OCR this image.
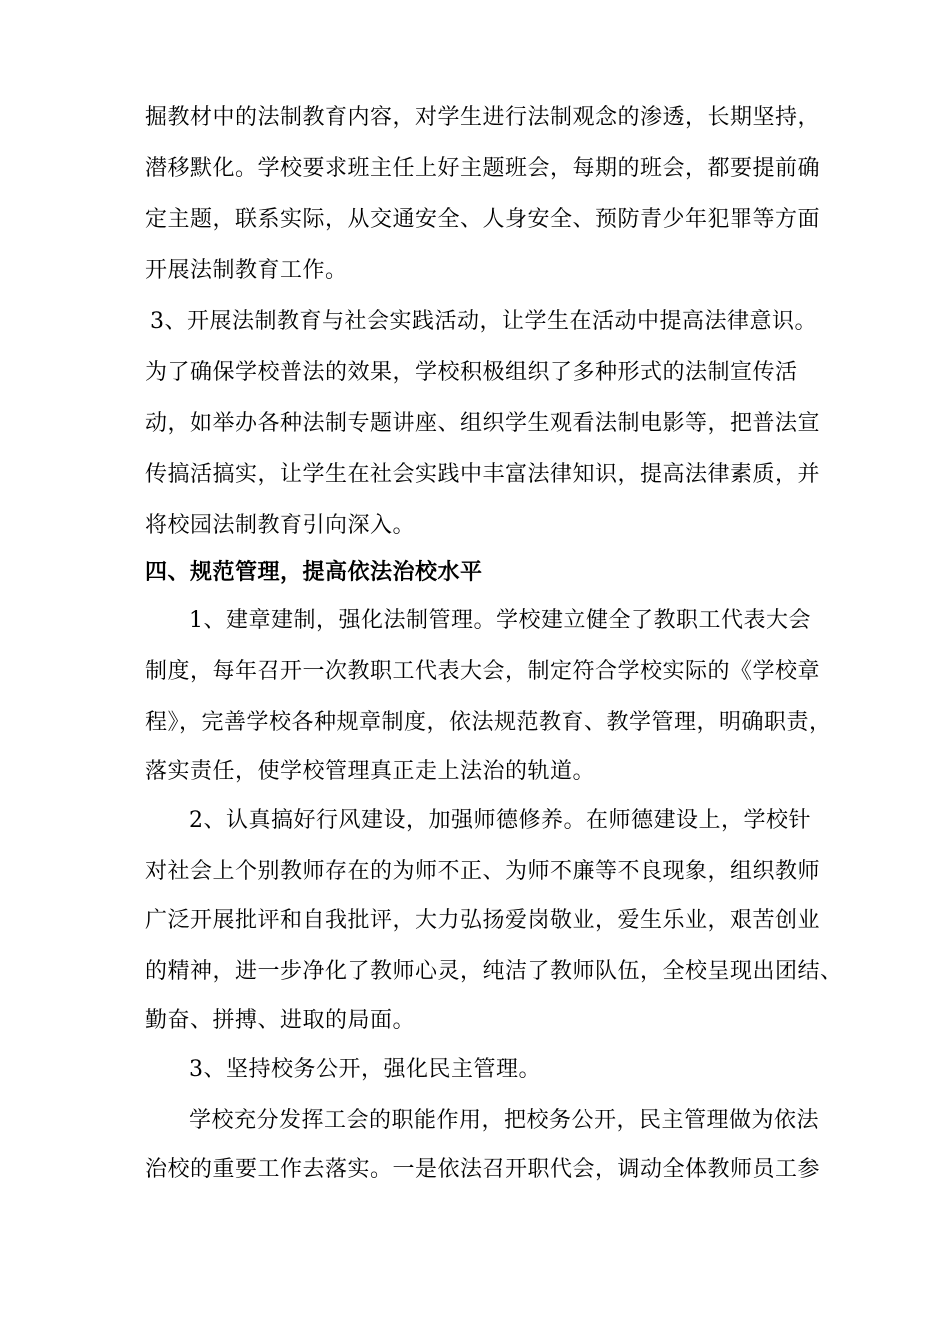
掘教材中的法制教育内容，对学生进行法制观念的渗透，长期坚持，
潜移默化。学校要求班主任上好主题班会，每期的班会，都要提前确
定主题，联系实际，从交通安全、人身安全、预防青少年犯罪等方面
开展法制教育工作。
3、开展法制教育与社会实践活动，让学生在活动中提高法律意识。
为了确保学校普法的效果，学校积极组织了多种形式的法制宣传活
动，如举办各种法制专题讲座、组织学生观看法制电影等，把普法宣
传搞活搞实，让学生在社会实践中丰富法律知识，提高法律素质，并
将校园法制教育引向深入。
四、规范管理，提高依法治校水平
1、建章建制，强化法制管理。学校建立健全了教职工代表大会
制度，每年召开一次教职工代表大会，制定符合学校实际的《学校章
程》，完善学校各种规章制度，依法规范教育、教学管理，明确职责，
落实责任，使学校管理真正走上法治的轨道。
2、认真搞好行风建设，加强师德修养。在师德建设上，学校针
对社会上个别教师存在的为师不正、为师不廉等不良现象，组织教师
广泛开展批评和自我批评，大力弘扬爱岗敬业，爱生乐业，艰苦创业
的精神，进一步净化了教师心灵，纯洁了教师队伍，全校呈现出团结、
勤奋、拼搏、进取的局面。
3、坚持校务公开，强化民主管理。
学校充分发挥工会的职能作用，把校务公开，民主管理做为依法
治校的重要工作去落实。一是依法召开职代会，调动全体教师员工参
